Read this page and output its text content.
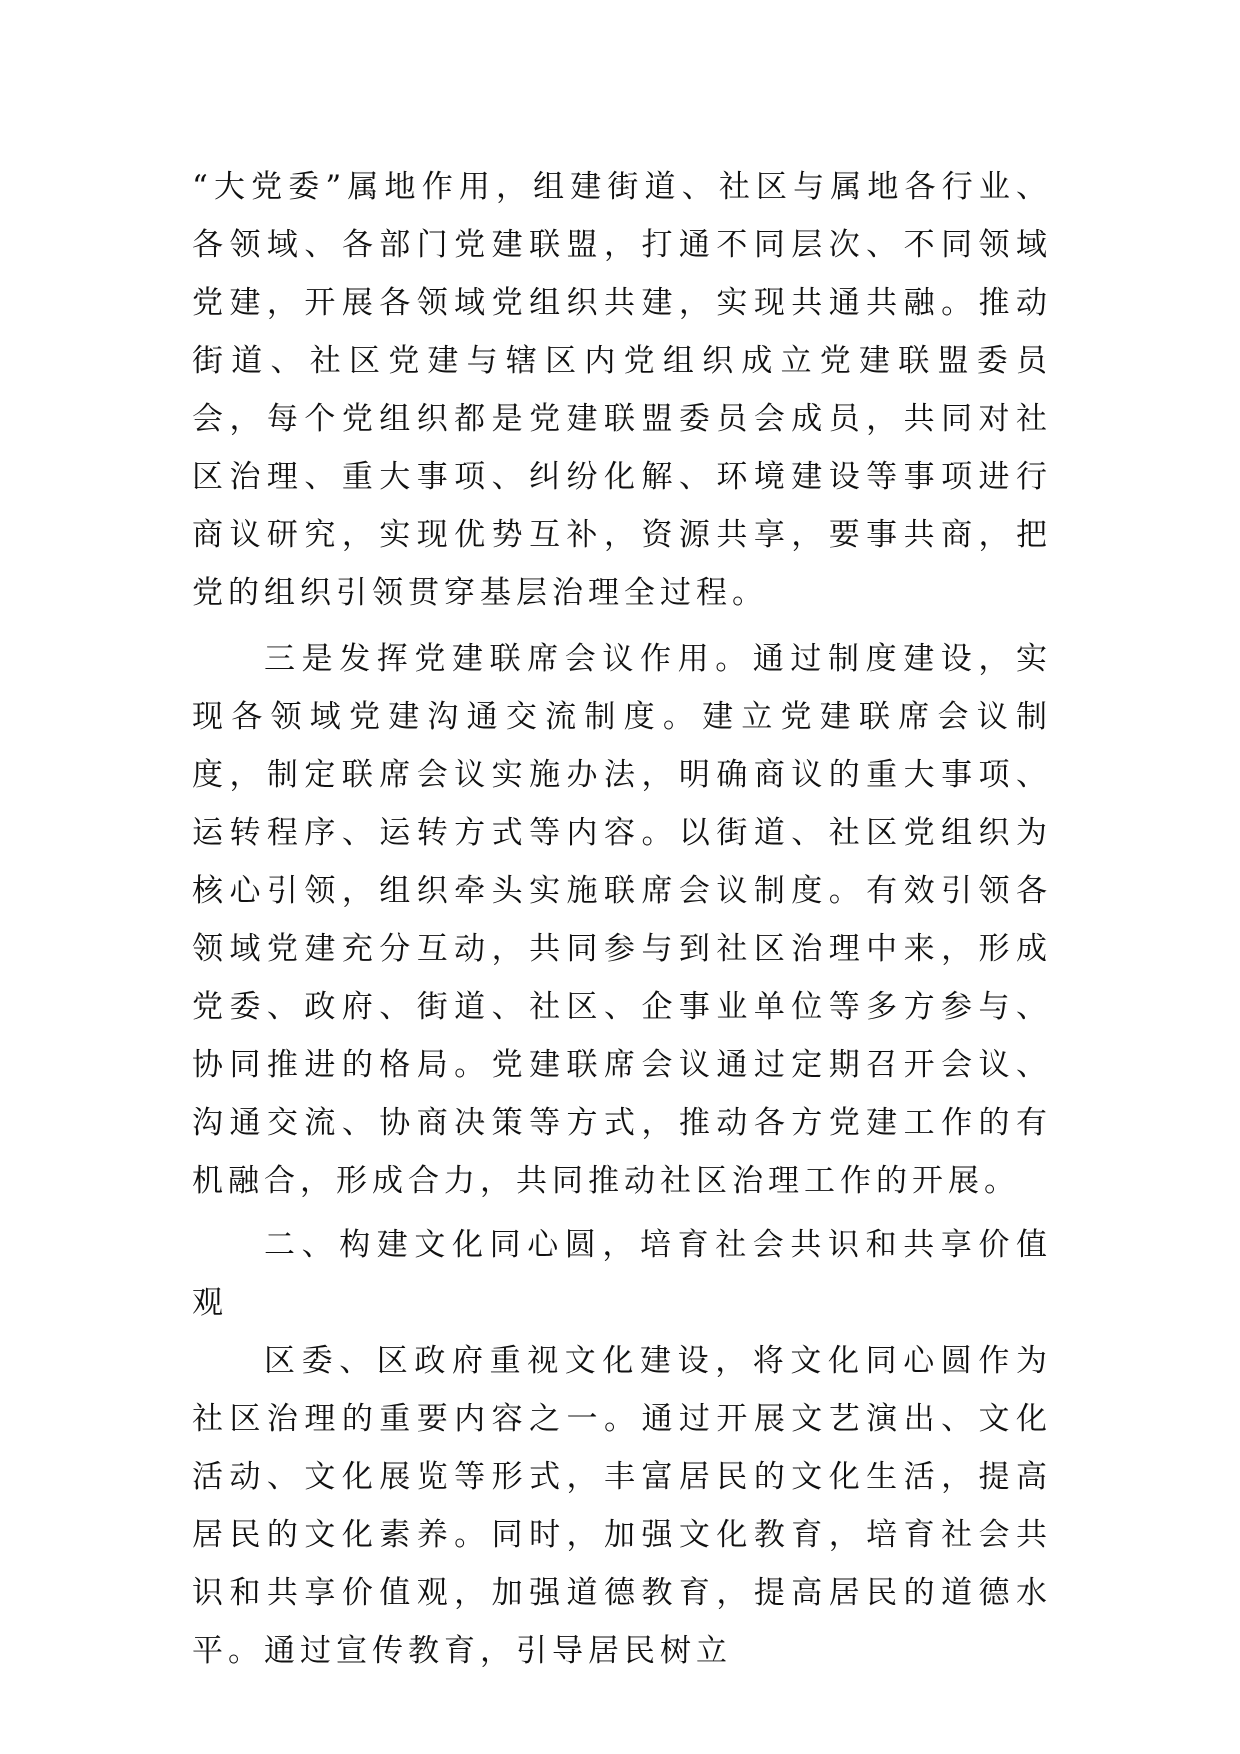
“大党委”属地作用，组建街道、社区与属地各行业、各领域、各部门党建联盟，打通不同层次、不同领域党建，开展各领域党组织共建，实现共通共融。推动街道、社区党建与辖区内党组织成立党建联盟委员会，每个党组织都是党建联盟委员会成员，共同对社区治理、重大事项、纠纷化解、环境建设等事项进行商议研究，实现优势互补，资源共享，要事共商，把党的组织引领贯穿基层治理全过程。

三是发挥党建联席会议作用。通过制度建设，实现各领域党建沟通交流制度。建立党建联席会议制度，制定联席会议实施办法，明确商议的重大事项、运转程序、运转方式等内容。以街道、社区党组织为核心引领，组织牵头实施联席会议制度。有效引领各领域党建充分互动，共同参与到社区治理中来，形成党委、政府、街道、社区、企事业单位等多方参与、协同推进的格局。党建联席会议通过定期召开会议、沟通交流、协商决策等方式，推动各方党建工作的有机融合，形成合力，共同推动社区治理工作的开展。

二、构建文化同心圆，培育社会共识和共享价值观

区委、区政府重视文化建设，将文化同心圆作为社区治理的重要内容之一。通过开展文艺演出、文化活动、文化展览等形式，丰富居民的文化生活，提高居民的文化素养。同时，加强文化教育，培育社会共识和共享价值观，加强道德教育，提高居民的道德水平。通过宣传教育，引导居民树立
